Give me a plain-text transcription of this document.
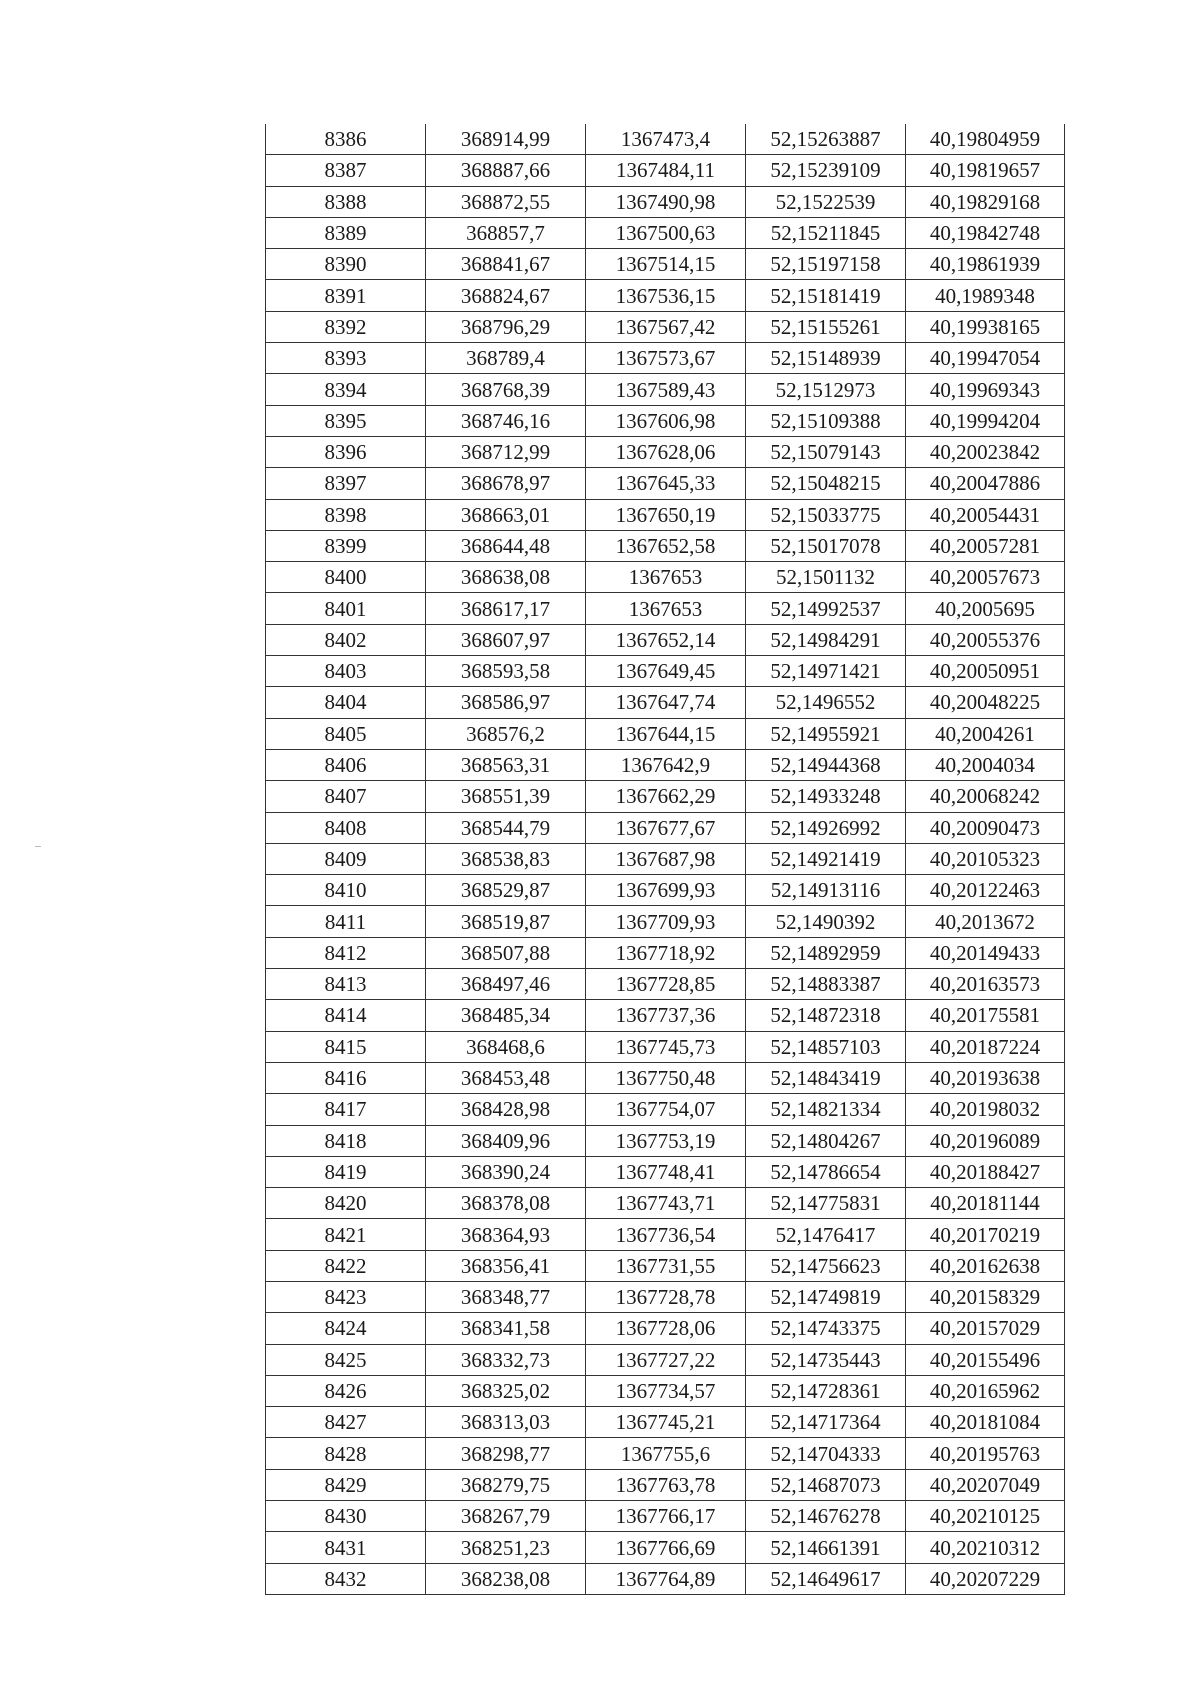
8386	368914,99	1367473,4	52,15263887	40,19804959
8387	368887,66	1367484,11	52,15239109	40,19819657
8388	368872,55	1367490,98	52,1522539	40,19829168
8389	368857,7	1367500,63	52,15211845	40,19842748
8390	368841,67	1367514,15	52,15197158	40,19861939
8391	368824,67	1367536,15	52,15181419	40,1989348
8392	368796,29	1367567,42	52,15155261	40,19938165
8393	368789,4	1367573,67	52,15148939	40,19947054
8394	368768,39	1367589,43	52,1512973	40,19969343
8395	368746,16	1367606,98	52,15109388	40,19994204
8396	368712,99	1367628,06	52,15079143	40,20023842
8397	368678,97	1367645,33	52,15048215	40,20047886
8398	368663,01	1367650,19	52,15033775	40,20054431
8399	368644,48	1367652,58	52,15017078	40,20057281
8400	368638,08	1367653	52,1501132	40,20057673
8401	368617,17	1367653	52,14992537	40,2005695
8402	368607,97	1367652,14	52,14984291	40,20055376
8403	368593,58	1367649,45	52,14971421	40,20050951
8404	368586,97	1367647,74	52,1496552	40,20048225
8405	368576,2	1367644,15	52,14955921	40,2004261
8406	368563,31	1367642,9	52,14944368	40,2004034
8407	368551,39	1367662,29	52,14933248	40,20068242
8408	368544,79	1367677,67	52,14926992	40,20090473
8409	368538,83	1367687,98	52,14921419	40,20105323
8410	368529,87	1367699,93	52,14913116	40,20122463
8411	368519,87	1367709,93	52,1490392	40,2013672
8412	368507,88	1367718,92	52,14892959	40,20149433
8413	368497,46	1367728,85	52,14883387	40,20163573
8414	368485,34	1367737,36	52,14872318	40,20175581
8415	368468,6	1367745,73	52,14857103	40,20187224
8416	368453,48	1367750,48	52,14843419	40,20193638
8417	368428,98	1367754,07	52,14821334	40,20198032
8418	368409,96	1367753,19	52,14804267	40,20196089
8419	368390,24	1367748,41	52,14786654	40,20188427
8420	368378,08	1367743,71	52,14775831	40,20181144
8421	368364,93	1367736,54	52,1476417	40,20170219
8422	368356,41	1367731,55	52,14756623	40,20162638
8423	368348,77	1367728,78	52,14749819	40,20158329
8424	368341,58	1367728,06	52,14743375	40,20157029
8425	368332,73	1367727,22	52,14735443	40,20155496
8426	368325,02	1367734,57	52,14728361	40,20165962
8427	368313,03	1367745,21	52,14717364	40,20181084
8428	368298,77	1367755,6	52,14704333	40,20195763
8429	368279,75	1367763,78	52,14687073	40,20207049
8430	368267,79	1367766,17	52,14676278	40,20210125
8431	368251,23	1367766,69	52,14661391	40,20210312
8432	368238,08	1367764,89	52,14649617	40,20207229
